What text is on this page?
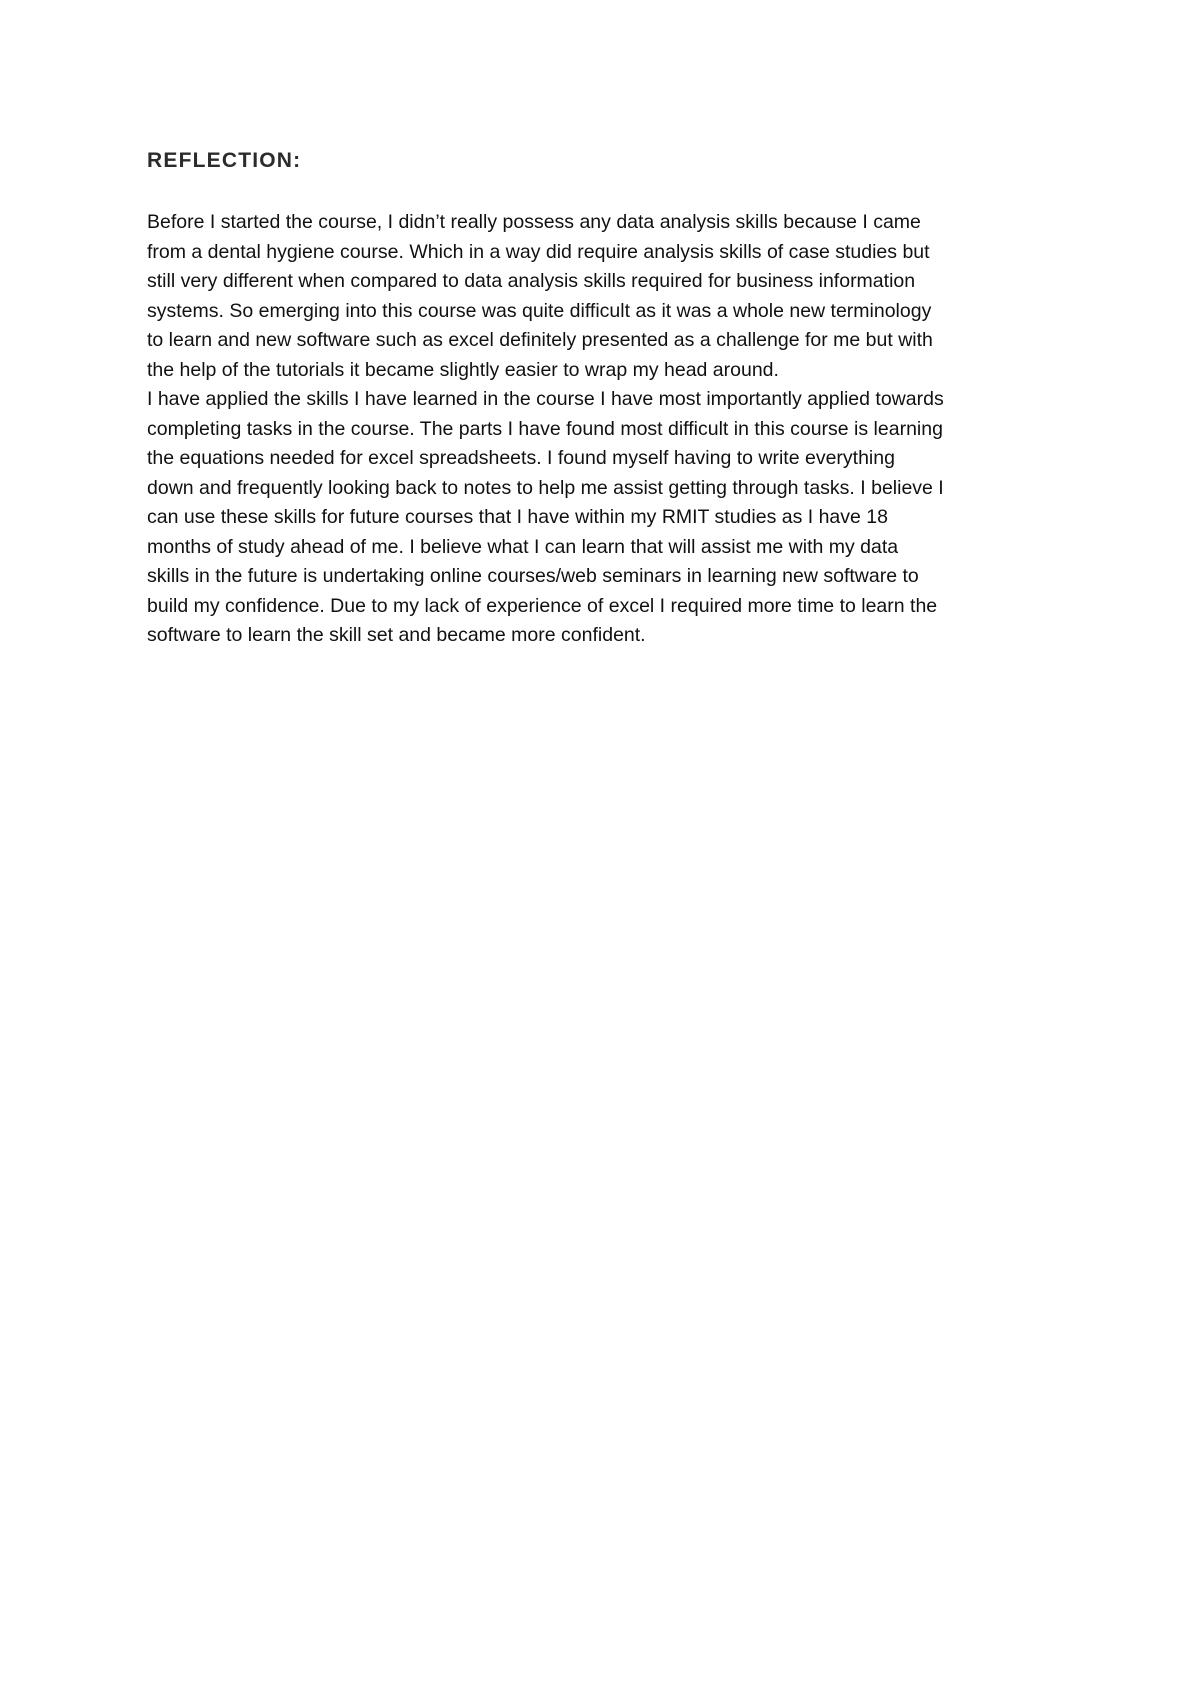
REFLECTION:
Before I started the course, I didn’t really possess any data analysis skills because I came
from a dental hygiene course. Which in a way did require analysis skills of case studies but
still very different when compared to data analysis skills required for business information
systems. So emerging into this course was quite difficult as it was a whole new terminology
to learn and new software such as excel definitely presented as a challenge for me but with
the help of the tutorials it became slightly easier to wrap my head around.
I have applied the skills I have learned in the course I have most importantly applied towards
completing tasks in the course. The parts I have found most difficult in this course is learning
the equations needed for excel spreadsheets. I found myself having to write everything
down and frequently looking back to notes to help me assist getting through tasks. I believe I
can use these skills for future courses that I have within my RMIT studies as I have 18
months of study ahead of me. I believe what I can learn that will assist me with my data
skills in the future is undertaking online courses/web seminars in learning new software to
build my confidence. Due to my lack of experience of excel I required more time to learn the
software to learn the skill set and became more confident.
